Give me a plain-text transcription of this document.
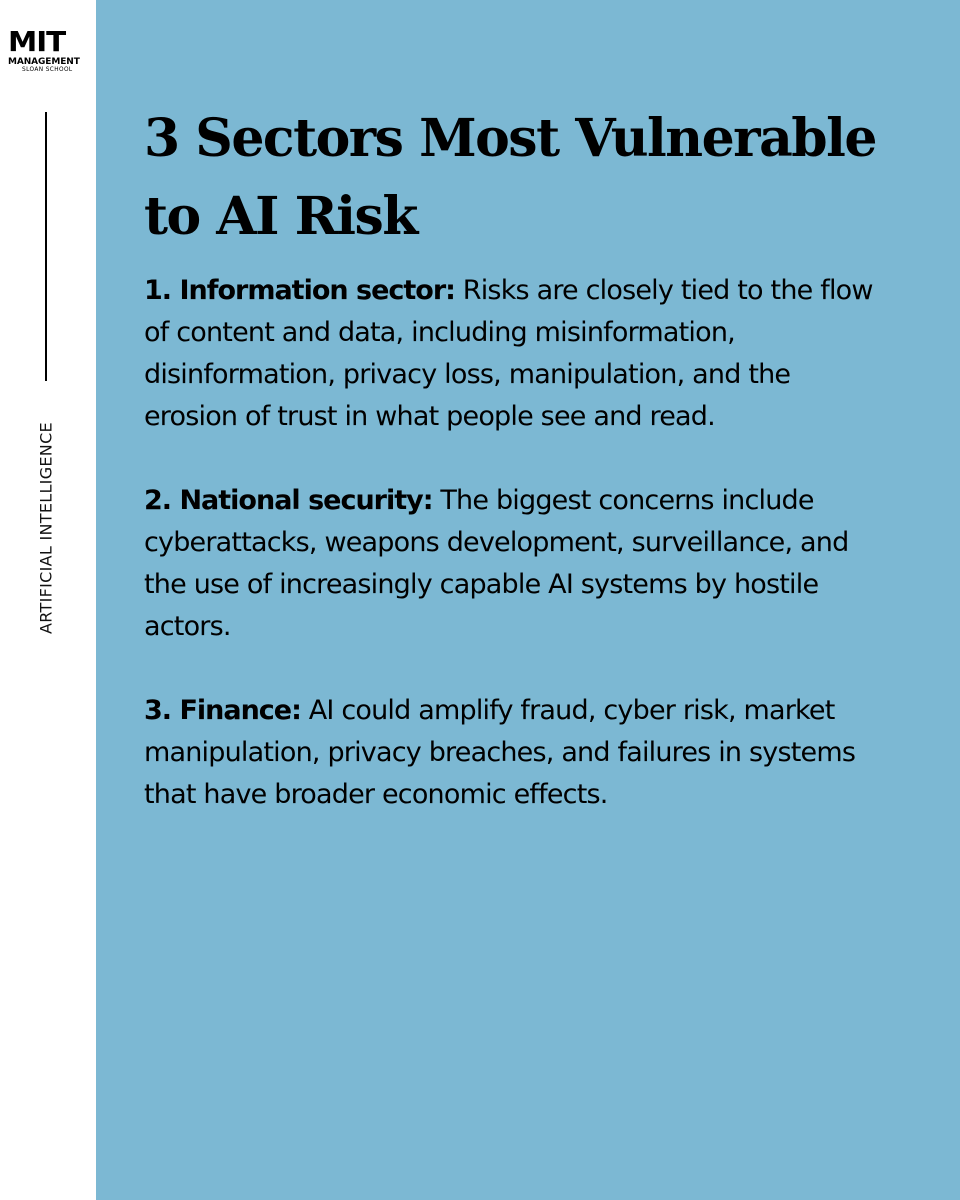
MIT
MANAGEMENT
SLOAN SCHOOL
ARTIFICIAL INTELLIGENCE
3 Sectors Most Vulnerable to AI Risk

1. Information sector: Risks are closely tied to the flow of content and data, including misinformation, disinformation, privacy loss, manipulation, and the erosion of trust in what people see and read.

2. National security: The biggest concerns include cyberattacks, weapons development, surveillance, and the use of increasingly capable AI systems by hostile actors.

3. Finance: AI could amplify fraud, cyber risk, market manipulation, privacy breaches, and failures in systems that have broader economic effects.
